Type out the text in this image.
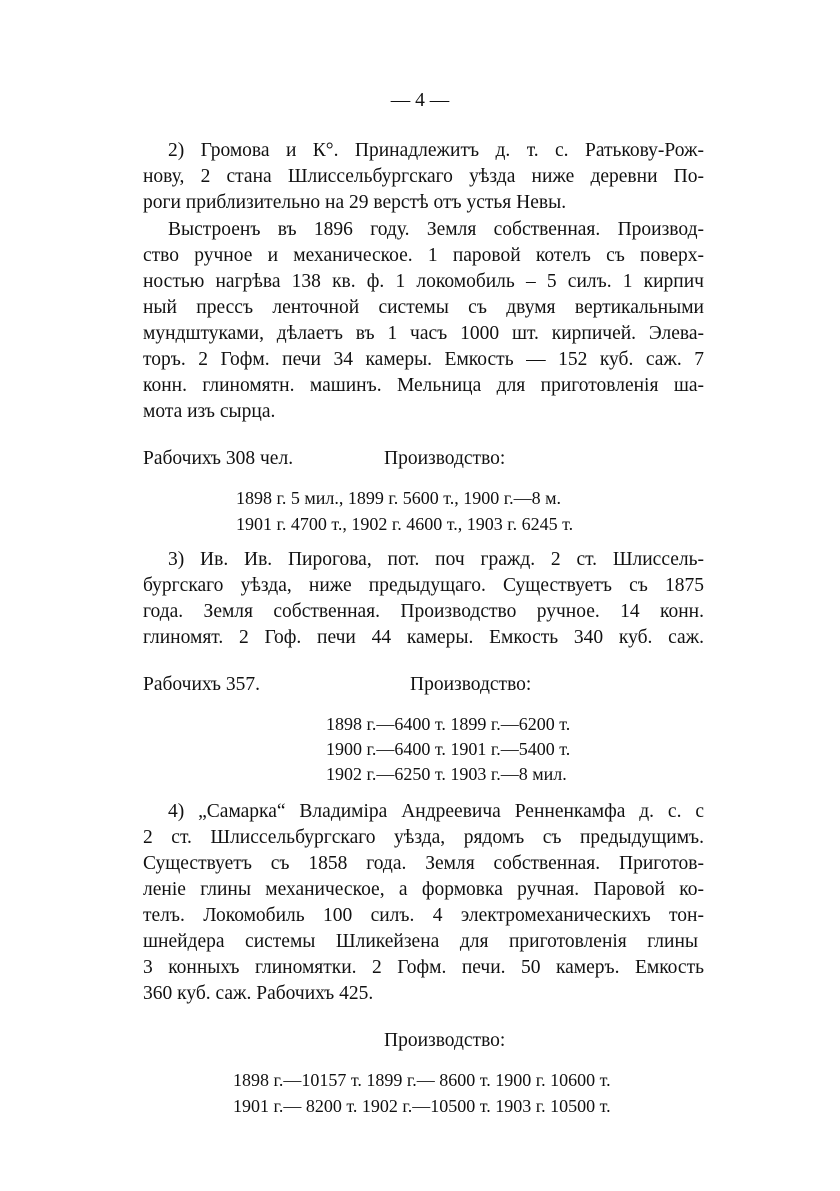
— 4 —
2) Громова и К°. Принадлежитъ д. т. с. Ратькову-Рож-
нову, 2 стана Шлиссельбургскаго уѣзда ниже деревни По-
роги приблизительно на 29 верстѣ отъ устья Невы.
Выстроенъ въ 1896 году. Земля собственная. Производ-
ство ручное и механическое. 1 паровой котелъ съ поверх-
ностью нагрѣва 138 кв. ф. 1 локомобиль – 5 силъ. 1 кирпич
ный прессъ ленточной системы съ двумя вертикальными
мундштуками, дѣлаетъ въ 1 часъ 1000 шт. кирпичей. Элева-
торъ. 2 Гофм. печи 34 камеры. Емкость — 152 куб. саж. 7
конн. глиномятн. машинъ. Мельница для приготовленія ша-
мота изъ сырца.
Рабочихъ 308 чел.	Производство:
1898 г. 5 мил., 1899 г. 5600 т., 1900 г.—8 м.
1901 г. 4700 т., 1902 г. 4600 т., 1903 г. 6245 т.
3) Ив. Ив. Пирогова, пот. поч гражд. 2 ст. Шлиссель-
бургскаго уѣзда, ниже предыдущаго. Существуетъ съ 1875
года. Земля собственная. Производство ручное. 14 конн.
глиномят. 2 Гоф. печи 44 камеры. Емкость 340 куб. саж.
Рабочихъ 357.	Производство:
1898 г.—6400 т. 1899 г.—6200 т.
1900 г.—6400 т. 1901 г.—5400 т.
1902 г.—6250 т. 1903 г.—8 мил.
4) „Самарка“ Владиміра Андреевича Ренненкамфа д. с. с
2 ст. Шлиссельбургскаго уѣзда, рядомъ съ предыдущимъ.
Существуетъ съ 1858 года. Земля собственная. Приготов-
леніе глины механическое, а формовка ручная. Паровой ко-
телъ. Локомобиль 100 силъ. 4 электромеханическихъ тон-
шнейдера системы Шликейзена для приготовленія глины
3 конныхъ глиномятки. 2 Гофм. печи. 50 камеръ. Емкость
360 куб. саж. Рабочихъ 425.
Производство:
1898 г.—10157 т. 1899 г.— 8600 т. 1900 г. 10600 т.
1901 г.— 8200 т. 1902 г.—10500 т. 1903 г. 10500 т.
